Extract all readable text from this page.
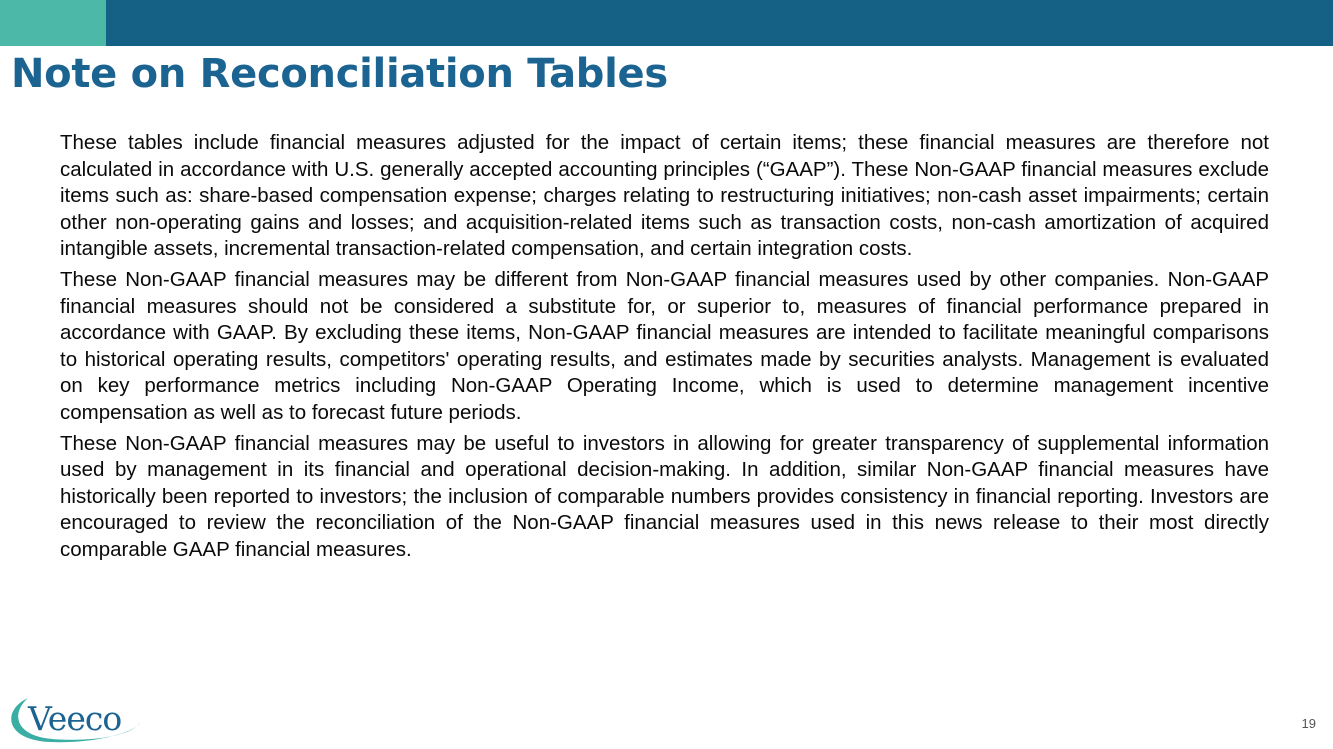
Note on Reconciliation Tables

These tables include financial measures adjusted for the impact of certain items; these financial measures are therefore not calculated in accordance with U.S. generally accepted accounting principles (“GAAP”). These Non-GAAP financial measures exclude items such as: share-based compensation expense; charges relating to restructuring initiatives; non-cash asset impairments; certain other non-operating gains and losses; and acquisition-related items such as transaction costs, non-cash amortization of acquired intangible assets, incremental transaction-related compensation, and certain integration costs.

These Non-GAAP financial measures may be different from Non-GAAP financial measures used by other companies. Non-GAAP financial measures should not be considered a substitute for, or superior to, measures of financial performance prepared in accordance with GAAP. By excluding these items, Non-GAAP financial measures are intended to facilitate meaningful comparisons to historical operating results, competitors' operating results, and estimates made by securities analysts. Management is evaluated on key performance metrics including Non-GAAP Operating Income, which is used to determine management incentive compensation as well as to forecast future periods.

These Non-GAAP financial measures may be useful to investors in allowing for greater transparency of supplemental information used by management in its financial and operational decision-making. In addition, similar Non-GAAP financial measures have historically been reported to investors; the inclusion of comparable numbers provides consistency in financial reporting. Investors are encouraged to review the reconciliation of the Non-GAAP financial measures used in this news release to their most directly comparable GAAP financial measures.

Veeco	19
